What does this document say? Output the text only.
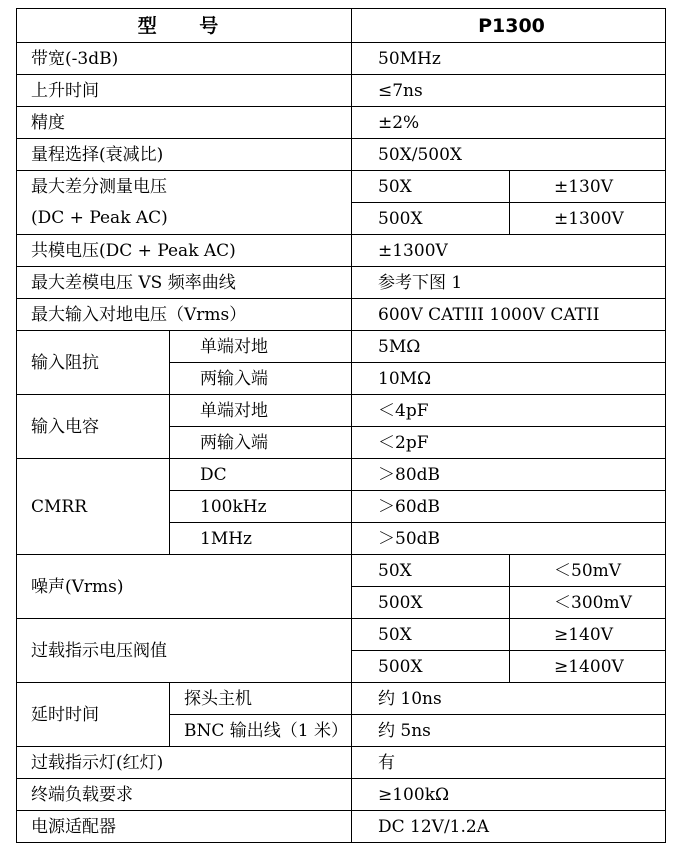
型 号		P1300	
带宽(-3dB)		50MHz	
上升时间		≤7ns	
精度		±2%	
量程选择(衰减比)		50X/500X	
最大差分测量电压		50X	±130V
(DC + Peak AC)		500X	±1300V
共模电压(DC + Peak AC)		±1300V	
最大差模电压 VS 频率曲线		参考下图 1	
最大输入对地电压（Vrms）		600V CATIII 1000V CATII	
输入阻抗	单端对地	5MΩ	
	两输入端	10MΩ	
输入电容	单端对地	＜4pF	
	两输入端	＜2pF	
CMRR	DC	＞80dB	
	100kHz	＞60dB	
	1MHz	＞50dB	
噪声(Vrms)		50X	＜50mV
		500X	＜300mV
过载指示电压阀值		50X	≥140V
		500X	≥1400V
延时时间	探头主机	约 10ns	
	BNC 输出线（1 米）	约 5ns	
过载指示灯(红灯)		有	
终端负载要求		≥100kΩ	
电源适配器		DC 12V/1.2A	
